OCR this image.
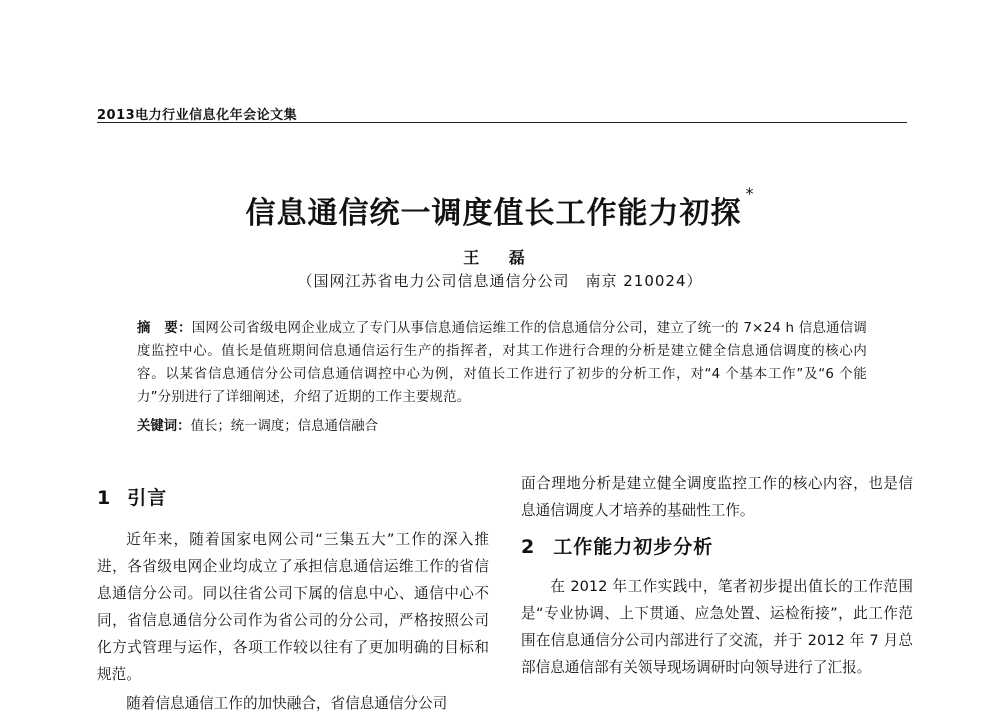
2013电力行业信息化年会论文集
信息通信统一调度值长工作能力初探*
王 磊
（国网江苏省电力公司信息通信分公司　南京 210024）
摘　要：国网公司省级电网企业成立了专门从事信息通信运维工作的信息通信分公司，建立了统一的 7×24 h 信息通信调度监控中心。值长是值班期间信息通信运行生产的指挥者，对其工作进行合理的分析是建立健全信息通信调度的核心内容。以某省信息通信分公司信息通信调控中心为例，对值长工作进行了初步的分析工作，对“4 个基本工作”及“6 个能力”分别进行了详细阐述，介绍了近期的工作主要规范。
关键词：值长；统一调度；信息通信融合
1 引言

近年来，随着国家电网公司“三集五大”工作的深入推进，各省级电网企业均成立了承担信息通信运维工作的省信息通信分公司。同以往省公司下属的信息中心、通信中心不同，省信息通信分公司作为省公司的分公司，严格按照公司化方式管理与运作，各项工作较以往有了更加明确的目标和规范。

随着信息通信工作的加快融合，省信息通信分公司

面合理地分析是建立健全调度监控工作的核心内容，也是信息通信调度人才培养的基础性工作。

2 工作能力初步分析

在 2012 年工作实践中，笔者初步提出值长的工作范围是“专业协调、上下贯通、应急处置、运检衔接”，此工作范围在信息通信分公司内部进行了交流，并于 2012 年 7 月总部信息通信部有关领导现场调研时向领导进行了汇报。
